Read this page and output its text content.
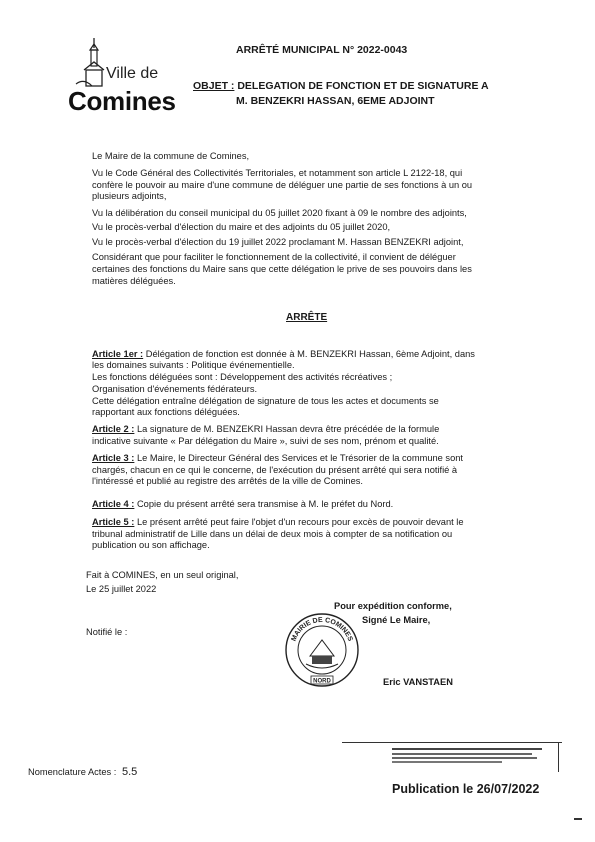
Ville de
Comines
ARRÊTÉ MUNICIPAL N° 2022-0043
OBJET : DELEGATION DE FONCTION ET DE SIGNATURE A
M. BENZEKRI HASSAN, 6EME ADJOINT
Le Maire de la commune de Comines,
Vu le Code Général des Collectivités Territoriales, et notamment son article L 2122-18, qui
confère le pouvoir au maire d'une commune de déléguer une partie de ses fonctions à un ou
plusieurs adjoints,
Vu la délibération du conseil municipal du 05 juillet 2020 fixant à 09 le nombre des adjoints,
Vu le procès-verbal d'élection du maire et des adjoints du 05 juillet 2020,
Vu le procès-verbal d'élection du 19 juillet 2022 proclamant M. Hassan BENZEKRI adjoint,
Considérant que pour faciliter le fonctionnement de la collectivité, il convient de déléguer
certaines des fonctions du Maire sans que cette délégation le prive de ses pouvoirs dans les
matières déléguées.
ARRÊTE
Article 1er : Délégation de fonction est donnée à M. BENZEKRI Hassan, 6ème Adjoint, dans
les domaines suivants : Politique événementielle.
Les fonctions déléguées sont : Développement des activités récréatives ;
Organisation d'événements fédérateurs.
Cette délégation entraîne délégation de signature de tous les actes et documents se
rapportant aux fonctions déléguées.
Article 2 : La signature de M. BENZEKRI Hassan devra être précédée de la formule
indicative suivante « Par délégation du Maire », suivi de ses nom, prénom et qualité.
Article 3 : Le Maire, le Directeur Général des Services et le Trésorier de la commune sont
chargés, chacun en ce qui le concerne, de l'exécution du présent arrêté qui sera notifié à
l'intéressé et publié au registre des arrêtés de la ville de Comines.
Article 4 : Copie du présent arrêté sera transmise à M. le préfet du Nord.
Article 5 : Le présent arrêté peut faire l'objet d'un recours pour excès de pouvoir devant le
tribunal administratif de Lille dans un délai de deux mois à compter de sa notification ou
publication ou son affichage.
Fait à COMINES, en un seul original,
Le 25 juillet 2022
Notifié le :
Pour expédition conforme,
Signé Le Maire,
MAIRIE DE COMINES
NORD	Eric VANSTAEN
Nomenclature Actes : 5.5
Publication le 26/07/2022
